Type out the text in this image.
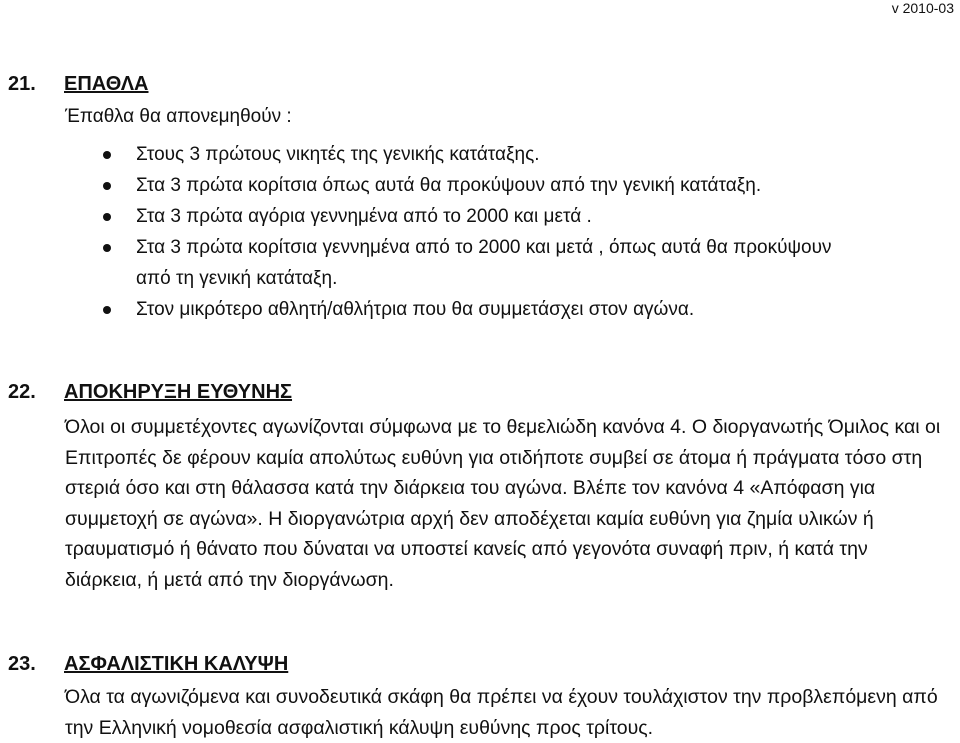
v 2010-03
21. ΕΠΑΘΛΑ
Έπαθλα θα απονεμηθούν :
Στους 3 πρώτους νικητές της γενικής κατάταξης.
Στα 3 πρώτα κορίτσια όπως αυτά θα προκύψουν από την γενική κατάταξη.
Στα 3 πρώτα αγόρια γεννημένα από το 2000 και μετά .
Στα 3 πρώτα κορίτσια γεννημένα από το 2000 και μετά , όπως αυτά θα προκύψουν από τη γενική κατάταξη.
Στον μικρότερο αθλητή/αθλήτρια που θα συμμετάσχει στον αγώνα.
22. ΑΠΟΚΗΡΥΞΗ ΕΥΘΥΝΗΣ

Όλοι οι συμμετέχοντες αγωνίζονται σύμφωνα με το θεμελιώδη κανόνα 4. Ο διοργανωτής Όμιλος και οι Επιτροπές δε φέρουν καμία απολύτως ευθύνη για οτιδήποτε συμβεί σε άτομα ή πράγματα τόσο στη στεριά όσο και στη θάλασσα κατά την διάρκεια του αγώνα. Βλέπε τον κανόνα 4 «Απόφαση για συμμετοχή σε αγώνα». Η διοργανώτρια αρχή δεν αποδέχεται καμία ευθύνη για ζημία υλικών ή τραυματισμό ή θάνατο που δύναται να υποστεί κανείς από γεγονότα συναφή πριν, ή κατά την διάρκεια, ή μετά από την διοργάνωση.

23. ΑΣΦΑΛΙΣΤΙΚΗ ΚΑΛΥΨΗ

Όλα τα αγωνιζόμενα και συνοδευτικά σκάφη θα πρέπει να έχουν τουλάχιστον την προβλεπόμενη από την Ελληνική νομοθεσία ασφαλιστική κάλυψη ευθύνης προς τρίτους.
